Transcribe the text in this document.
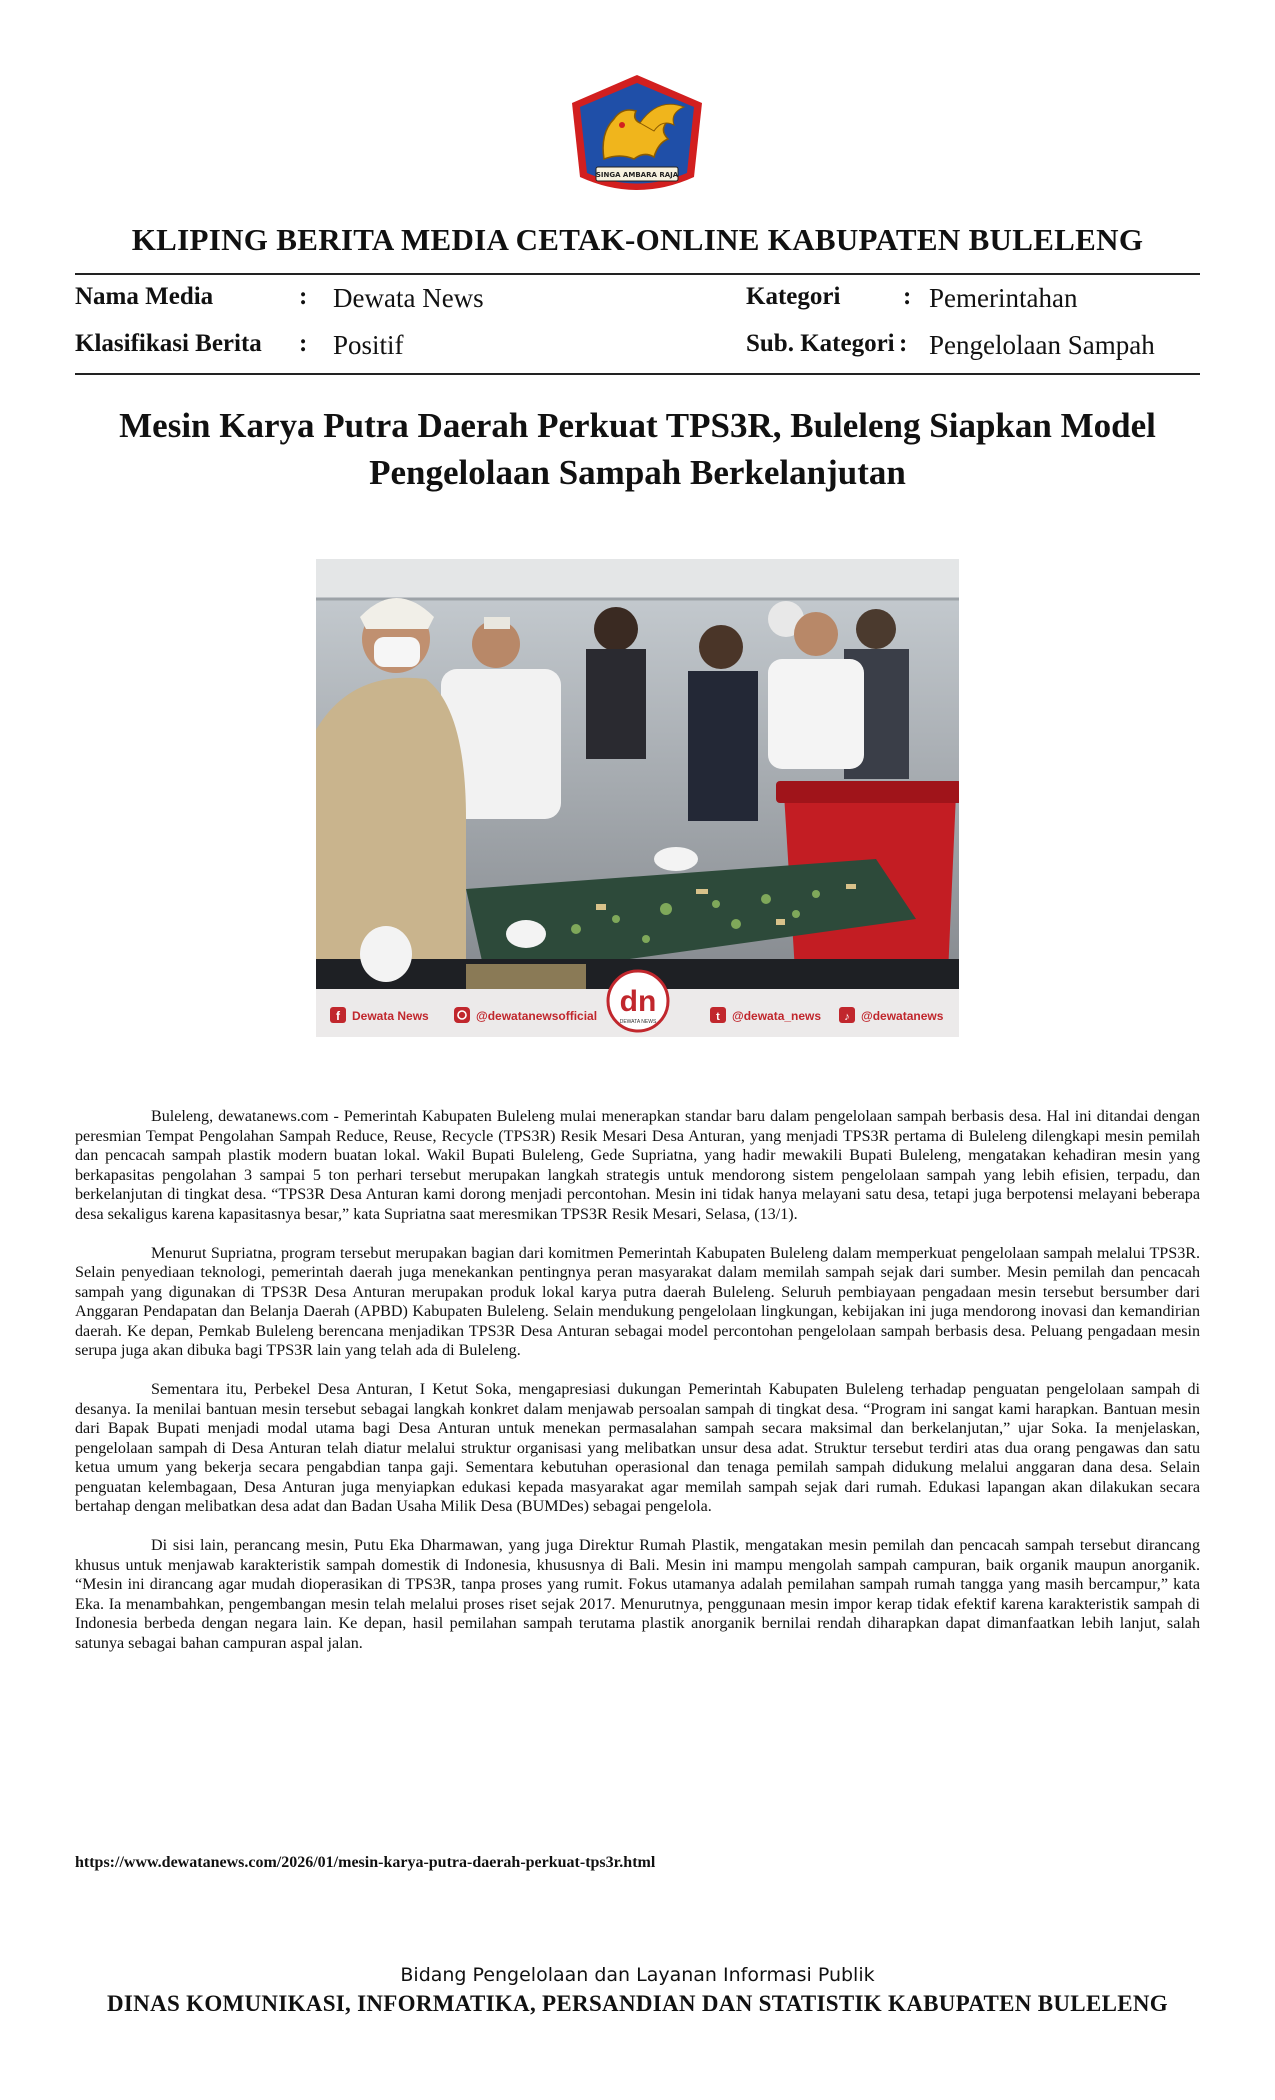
SINGA AMBARA RAJA
KLIPING BERITA MEDIA CETAK-ONLINE KABUPATEN BULELENG
Nama Media	: Dewata News	Kategori	: Pemerintahan
Klasifikasi Berita : Positif	Sub. Kategori : Pengelolaan Sampah
Mesin Karya Putra Daerah Perkuat TPS3R, Buleleng Siapkan Model
Pengelolaan Sampah Berkelanjutan
f Dewata News	@dewatanewsofficial dn
DEWATA NEWS	t @dewata_news ♪ @dewatanews

Buleleng, dewatanews.com - Pemerintah Kabupaten Buleleng mulai menerapkan standar baru dalam pengelolaan sampah berbasis desa. Hal ini ditandai dengan peresmian Tempat Pengolahan Sampah Reduce, Reuse, Recycle (TPS3R) Resik Mesari Desa Anturan, yang menjadi TPS3R pertama di Buleleng dilengkapi mesin pemilah dan pencacah sampah plastik modern buatan lokal. Wakil Bupati Buleleng, Gede Supriatna, yang hadir mewakili Bupati Buleleng, mengatakan kehadiran mesin yang berkapasitas pengolahan 3 sampai 5 ton perhari tersebut merupakan langkah strategis untuk mendorong sistem pengelolaan sampah yang lebih efisien, terpadu, dan berkelanjutan di tingkat desa. “TPS3R Desa Anturan kami dorong menjadi percontohan. Mesin ini tidak hanya melayani satu desa, tetapi juga berpotensi melayani beberapa desa sekaligus karena kapasitasnya besar,” kata Supriatna saat meresmikan TPS3R Resik Mesari, Selasa, (13/1).

Menurut Supriatna, program tersebut merupakan bagian dari komitmen Pemerintah Kabupaten Buleleng dalam memperkuat pengelolaan sampah melalui TPS3R. Selain penyediaan teknologi, pemerintah daerah juga menekankan pentingnya peran masyarakat dalam memilah sampah sejak dari sumber. Mesin pemilah dan pencacah sampah yang digunakan di TPS3R Desa Anturan merupakan produk lokal karya putra daerah Buleleng. Seluruh pembiayaan pengadaan mesin tersebut bersumber dari Anggaran Pendapatan dan Belanja Daerah (APBD) Kabupaten Buleleng. Selain mendukung pengelolaan lingkungan, kebijakan ini juga mendorong inovasi dan kemandirian daerah. Ke depan, Pemkab Buleleng berencana menjadikan TPS3R Desa Anturan sebagai model percontohan pengelolaan sampah berbasis desa. Peluang pengadaan mesin serupa juga akan dibuka bagi TPS3R lain yang telah ada di Buleleng.

Sementara itu, Perbekel Desa Anturan, I Ketut Soka, mengapresiasi dukungan Pemerintah Kabupaten Buleleng terhadap penguatan pengelolaan sampah di desanya. Ia menilai bantuan mesin tersebut sebagai langkah konkret dalam menjawab persoalan sampah di tingkat desa. “Program ini sangat kami harapkan. Bantuan mesin dari Bapak Bupati menjadi modal utama bagi Desa Anturan untuk menekan permasalahan sampah secara maksimal dan berkelanjutan,” ujar Soka. Ia menjelaskan, pengelolaan sampah di Desa Anturan telah diatur melalui struktur organisasi yang melibatkan unsur desa adat. Struktur tersebut terdiri atas dua orang pengawas dan satu ketua umum yang bekerja secara pengabdian tanpa gaji. Sementara kebutuhan operasional dan tenaga pemilah sampah didukung melalui anggaran dana desa. Selain penguatan kelembagaan, Desa Anturan juga menyiapkan edukasi kepada masyarakat agar memilah sampah sejak dari rumah. Edukasi lapangan akan dilakukan secara bertahap dengan melibatkan desa adat dan Badan Usaha Milik Desa (BUMDes) sebagai pengelola.

Di sisi lain, perancang mesin, Putu Eka Dharmawan, yang juga Direktur Rumah Plastik, mengatakan mesin pemilah dan pencacah sampah tersebut dirancang khusus untuk menjawab karakteristik sampah domestik di Indonesia, khususnya di Bali. Mesin ini mampu mengolah sampah campuran, baik organik maupun anorganik. “Mesin ini dirancang agar mudah dioperasikan di TPS3R, tanpa proses yang rumit. Fokus utamanya adalah pemilahan sampah rumah tangga yang masih bercampur,” kata Eka. Ia menambahkan, pengembangan mesin telah melalui proses riset sejak 2017. Menurutnya, penggunaan mesin impor kerap tidak efektif karena karakteristik sampah di Indonesia berbeda dengan negara lain. Ke depan, hasil pemilahan sampah terutama plastik anorganik bernilai rendah diharapkan dapat dimanfaatkan lebih lanjut, salah satunya sebagai bahan campuran aspal jalan.

https://www.dewatanews.com/2026/01/mesin-karya-putra-daerah-perkuat-tps3r.html
Bidang Pengelolaan dan Layanan Informasi Publik
DINAS KOMUNIKASI, INFORMATIKA, PERSANDIAN DAN STATISTIK KABUPATEN BULELENG
